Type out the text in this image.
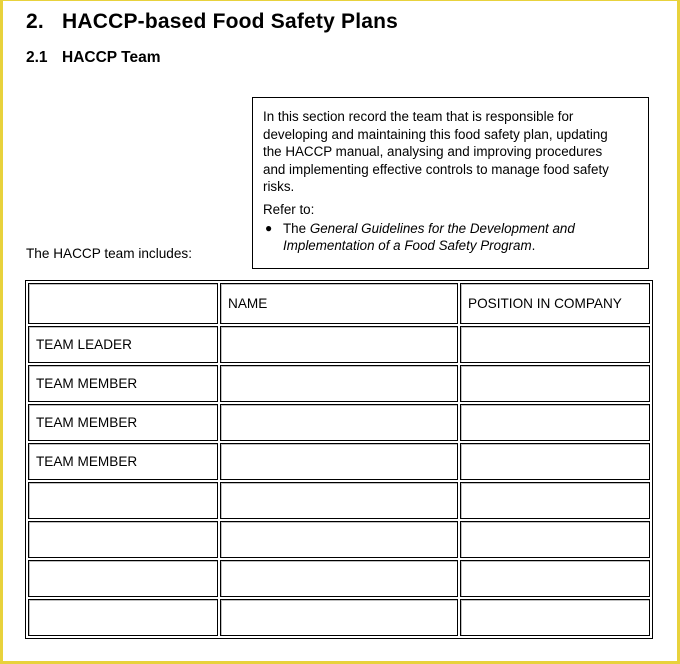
2. HACCP-based Food Safety Plans
2.1 HACCP Team

In this section record the team that is responsible for
developing and maintaining this food safety plan, updating
the HACCP manual, analysing and improving procedures
and implementing effective controls to manage food safety
risks.

Refer to:

● The General Guidelines for the Development and
Implementation of a Food Safety Program.
The HACCP team includes:
	NAME	POSITION IN COMPANY
TEAM LEADER		
TEAM MEMBER		
TEAM MEMBER		
TEAM MEMBER		
